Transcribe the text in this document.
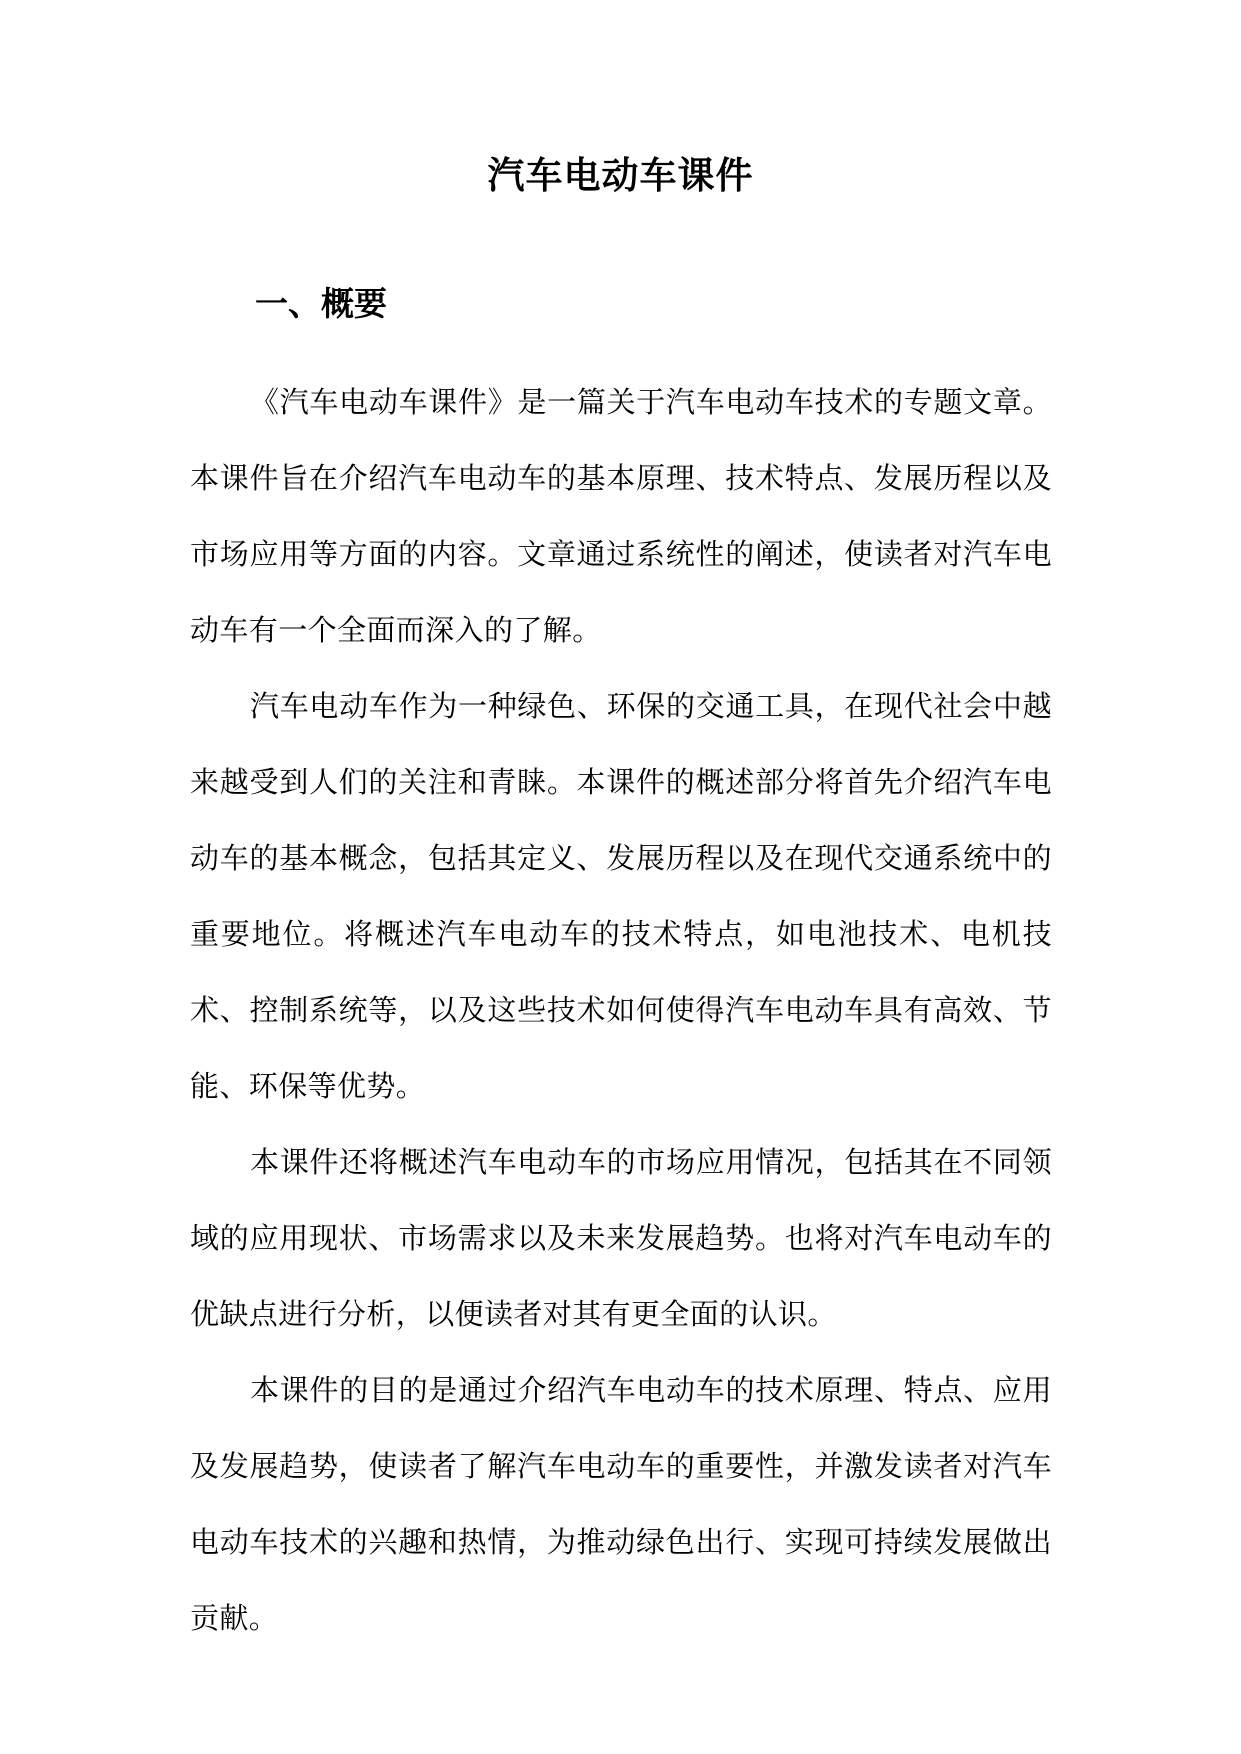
汽车电动车课件
一、概要

《汽车电动车课件》是一篇关于汽车电动车技术的专题文章。本课件旨在介绍汽车电动车的基本原理、技术特点、发展历程以及市场应用等方面的内容。文章通过系统性的阐述，使读者对汽车电动车有一个全面而深入的了解。

汽车电动车作为一种绿色、环保的交通工具，在现代社会中越来越受到人们的关注和青睐。本课件的概述部分将首先介绍汽车电动车的基本概念，包括其定义、发展历程以及在现代交通系统中的重要地位。将概述汽车电动车的技术特点，如电池技术、电机技术、控制系统等，以及这些技术如何使得汽车电动车具有高效、节能、环保等优势。

本课件还将概述汽车电动车的市场应用情况，包括其在不同领域的应用现状、市场需求以及未来发展趋势。也将对汽车电动车的优缺点进行分析，以便读者对其有更全面的认识。

本课件的目的是通过介绍汽车电动车的技术原理、特点、应用及发展趋势，使读者了解汽车电动车的重要性，并激发读者对汽车电动车技术的兴趣和热情，为推动绿色出行、实现可持续发展做出贡献。
